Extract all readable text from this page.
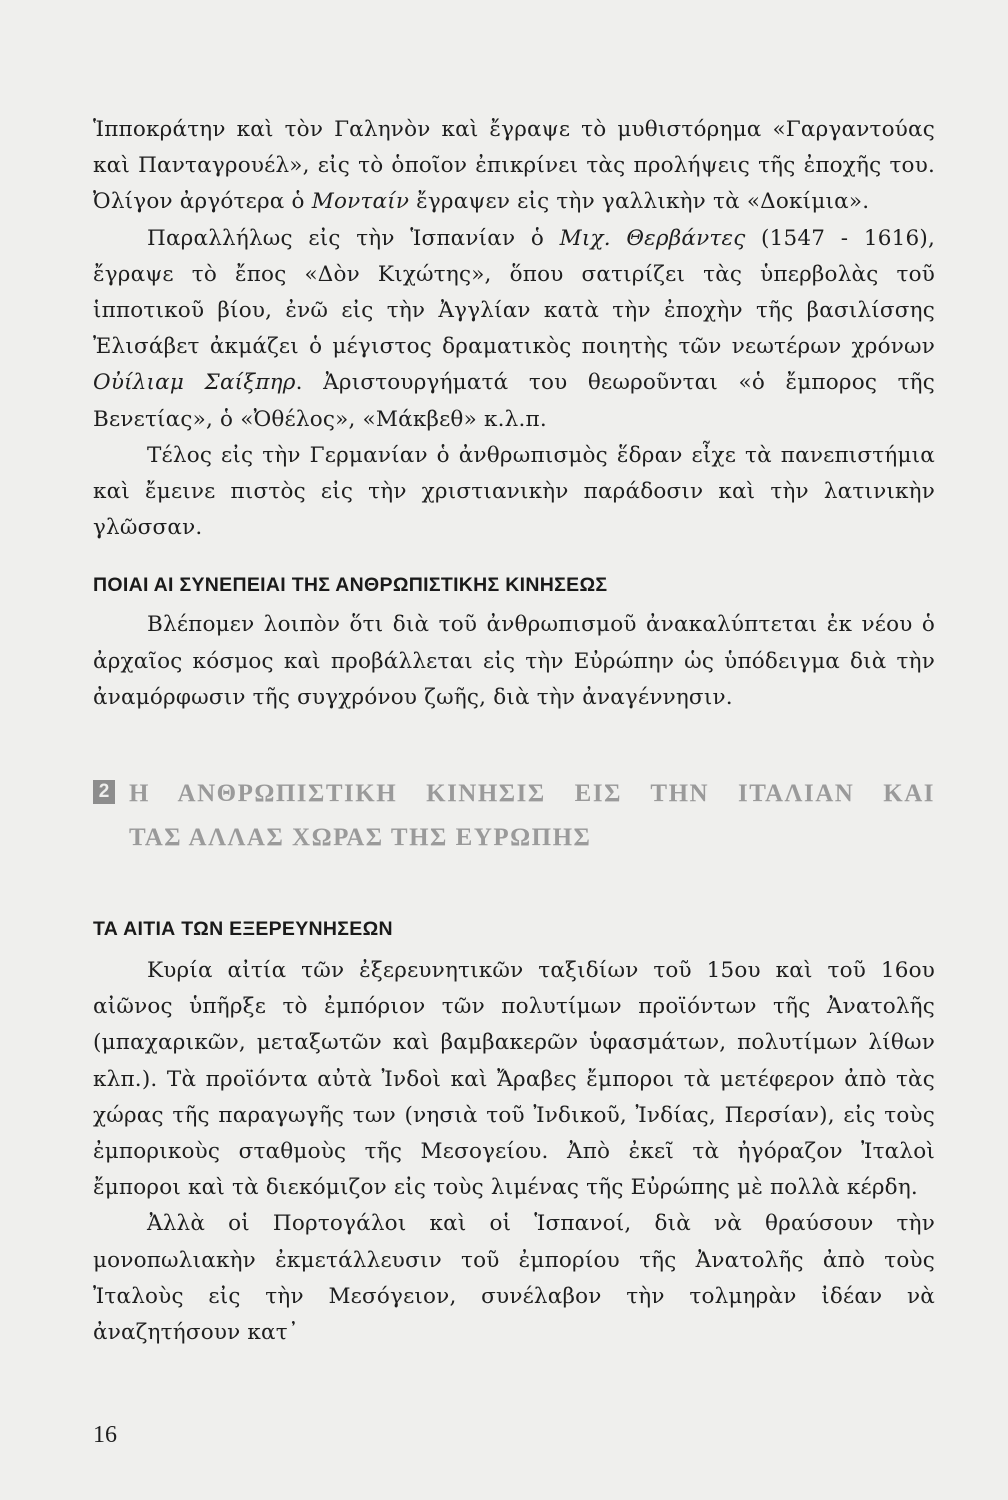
Ἱπποκράτην καὶ τὸν Γαληνὸν καὶ ἔγραψε τὸ μυθιστόρημα «Γαργαντούας καὶ Πανταγρουέλ», εἰς τὸ ὁποῖον ἐπικρίνει τὰς προλήψεις τῆς ἐποχῆς του. Ὀλίγον ἀργότερα ὁ Μονταίν ἔγραψεν εἰς τὴν γαλλικὴν τὰ «Δοκίμια».

Παραλλήλως εἰς τὴν Ἱσπανίαν ὁ Μιχ. Θερβάντες (1547 - 1616), ἔγραψε τὸ ἔπος «Δὸν Κιχώτης», ὅπου σατιρίζει τὰς ὑπερβολὰς τοῦ ἱπποτικοῦ βίου, ἐνῶ εἰς τὴν Ἀγγλίαν κατὰ τὴν ἐποχὴν τῆς βασιλίσσης Ἐλισάβετ ἀκμάζει ὁ μέγιστος δραματικὸς ποιητὴς τῶν νεωτέρων χρόνων Οὐίλιαμ Σαίξπηρ. Ἀριστουργήματά του θεωροῦνται «ὁ ἔμπορος τῆς Βενετίας», ὁ «Ὀθέλος», «Μάκβεθ» κ.λ.π.

Τέλος εἰς τὴν Γερμανίαν ὁ ἀνθρωπισμὸς ἕδραν εἶχε τὰ πανεπιστήμια καὶ ἔμεινε πιστὸς εἰς τὴν χριστιανικὴν παράδοσιν καὶ τὴν λατινικὴν γλῶσσαν.

ΠΟΙΑΙ ΑΙ ΣΥΝΕΠΕΙΑΙ ΤΗΣ ΑΝΘΡΩΠΙΣΤΙΚΗΣ ΚΙΝΗΣΕΩΣ

Βλέπομεν λοιπὸν ὅτι διὰ τοῦ ἀνθρωπισμοῦ ἀνακαλύπτεται ἐκ νέου ὁ ἀρχαῖος κόσμος καὶ προβάλλεται εἰς τὴν Εὐρώπην ὡς ὑπόδειγμα διὰ τὴν ἀναμόρφωσιν τῆς συγχρόνου ζωῆς, διὰ τὴν ἀναγέννησιν.

2 Η ΑΝΘΡΩΠΙΣΤΙΚΗ ΚΙΝΗΣΙΣ ΕΙΣ ΤΗΝ ΙΤΑΛΙΑΝ ΚΑΙ
ΤΑΣ ΑΛΛΑΣ ΧΩΡΑΣ ΤΗΣ ΕΥΡΩΠΗΣ
ΤΑ ΑΙΤΙΑ ΤΩΝ ΕΞΕΡΕΥΝΗΣΕΩΝ

Κυρία αἰτία τῶν ἐξερευνητικῶν ταξιδίων τοῦ 15ου καὶ τοῦ 16ου αἰῶνος ὑπῆρξε τὸ ἐμπόριον τῶν πολυτίμων προϊόντων τῆς Ἀνατολῆς (μπαχαρικῶν, μεταξωτῶν καὶ βαμβακερῶν ὑφασμάτων, πολυτίμων λίθων κλπ.). Τὰ προϊόντα αὐτὰ Ἰνδοὶ καὶ Ἄραβες ἔμποροι τὰ μετέφερον ἀπὸ τὰς χώρας τῆς παραγωγῆς των (νησιὰ τοῦ Ἰνδικοῦ, Ἰνδίας, Περσίαν), εἰς τοὺς ἐμπορικοὺς σταθμοὺς τῆς Μεσογείου. Ἀπὸ ἐκεῖ τὰ ἠγόραζον Ἰταλοὶ ἔμποροι καὶ τὰ διεκόμιζον εἰς τοὺς λιμένας τῆς Εὐρώπης μὲ πολλὰ κέρδη.

Ἀλλὰ οἱ Πορτογάλοι καὶ οἱ Ἱσπανοί, διὰ νὰ θραύσουν τὴν μονοπωλιακὴν ἐκμετάλλευσιν τοῦ ἐμπορίου τῆς Ἀνατολῆς ἀπὸ τοὺς Ἰταλοὺς εἰς τὴν Μεσόγειον, συνέλαβον τὴν τολμηρὰν ἰδέαν νὰ ἀναζητήσουν κατ᾽

16
